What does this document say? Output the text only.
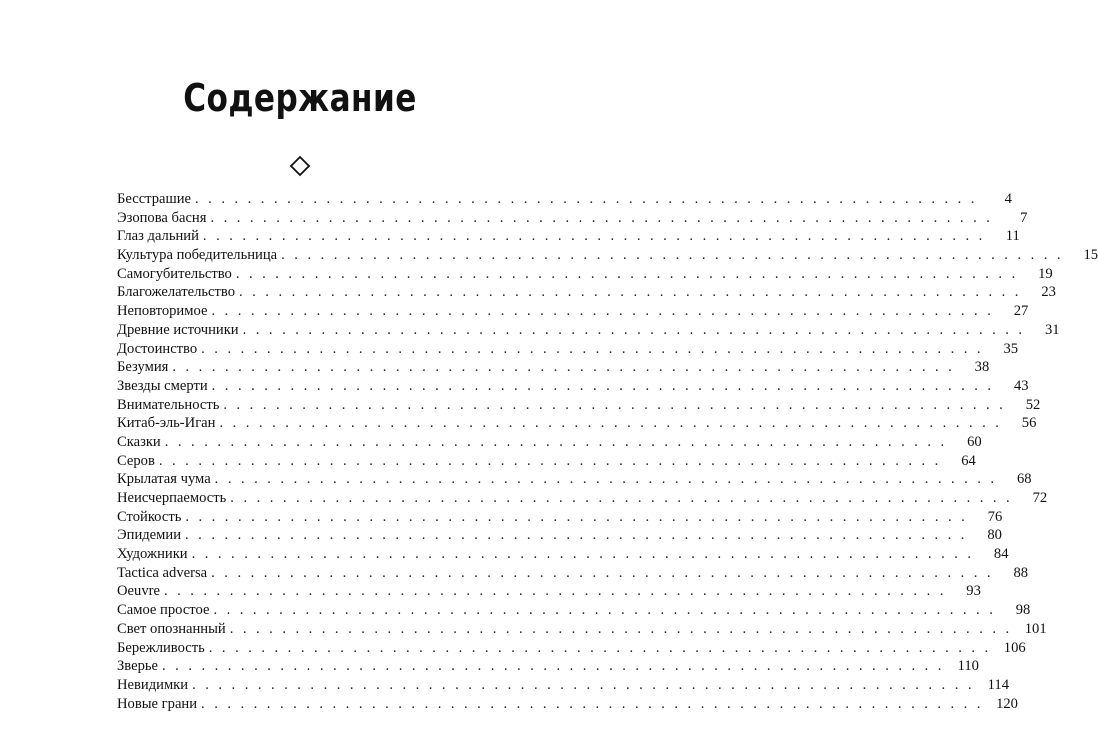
Содержание
Бесстрашие ............................................................	4
Эзопова басня ............................................................	7
Глаз дальний ............................................................ 11
Культура победительница ............................................................ 15
Самогубительство ............................................................ 19
Благожелательство ............................................................ 23
Неповторимое ............................................................ 27
Древние источники ............................................................ 31
Достоинство ............................................................ 35
Безумия ............................................................ 38
Звезды смерти ............................................................ 43
Внимательность ............................................................ 52
Китаб-эль-Иган ............................................................ 56
Сказки ............................................................ 60
Серов ............................................................ 64
Крылатая чума ............................................................ 68
Неисчерпаемость ............................................................ 72
Стойкость ............................................................ 76
Эпидемии ............................................................ 80
Художники ............................................................ 84
Tactica adversa ............................................................ 88
Oeuvre ............................................................ 93
Самое простое ............................................................ 98
Свет опознанный ............................................................ 101
Бережливость ............................................................ 106
Зверье ............................................................ 110
Невидимки ............................................................ 114
Новые грани ............................................................ 120
